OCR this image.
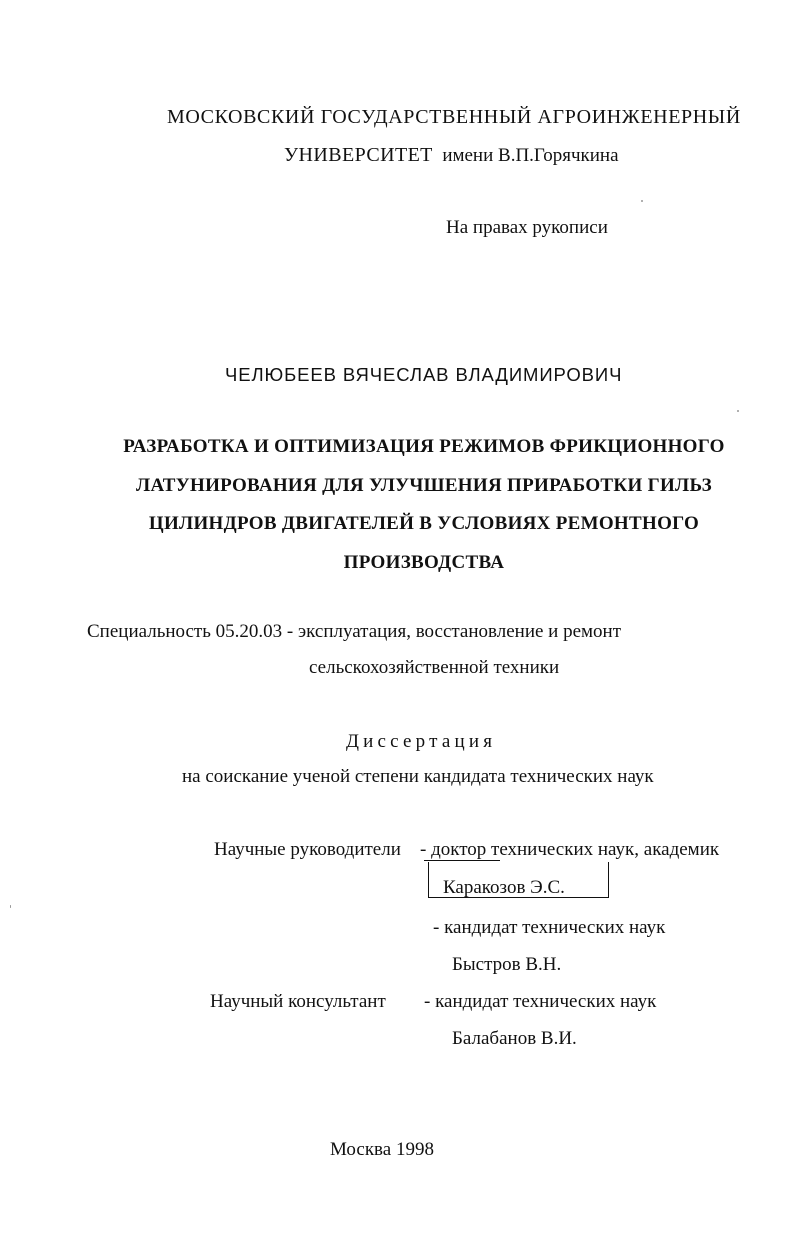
МОСКОВСКИЙ ГОСУДАРСТВЕННЫЙ АГРОИНЖЕНЕРНЫЙ
УНИВЕРСИТЕТ имени В.П.Горячкина
На правах рукописи
ЧЕЛЮБЕЕВ ВЯЧЕСЛАВ ВЛАДИМИРОВИЧ
РАЗРАБОТКА И ОПТИМИЗАЦИЯ РЕЖИМОВ ФРИКЦИОННОГО
ЛАТУНИРОВАНИЯ ДЛЯ УЛУЧШЕНИЯ ПРИРАБОТКИ ГИЛЬЗ
ЦИЛИНДРОВ ДВИГАТЕЛЕЙ В УСЛОВИЯХ РЕМОНТНОГО
ПРОИЗВОДСТВА
Специальность 05.20.03 - эксплуатация, восстановление и ремонт
сельскохозяйственной техники
Диссертация
на соискание ученой степени кандидата технических наук
Научные руководители - доктор технических наук, академик
Каракозов Э.С.
- кандидат технических наук
Быстров В.Н.
Научный консультант - кандидат технических наук
Балабанов В.И.
Москва 1998
